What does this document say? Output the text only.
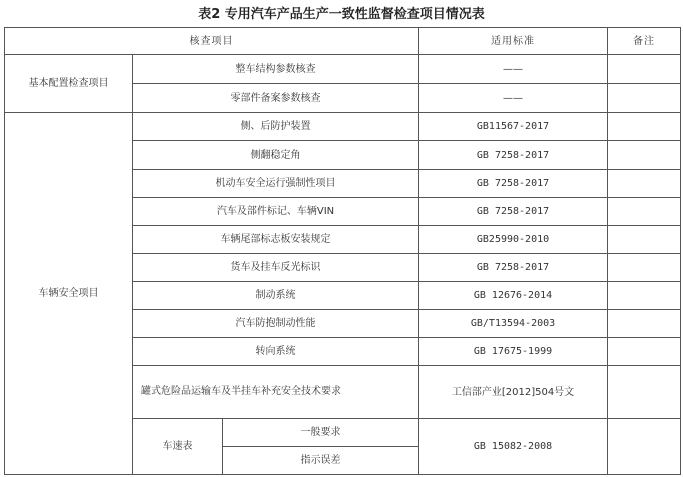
表2 专用汽车产品生产一致性监督检查项目情况表
核查项目			适用标准	备注
基本配置检查项目	整车结构参数核查		——	
	零部件备案参数核查		——	
车辆安全项目	侧、后防护装置		GB11567-2017	
	侧翻稳定角		GB 7258-2017	
	机动车安全运行强制性项目		GB 7258-2017	
	汽车及部件标记、车辆VIN		GB 7258-2017	
	车辆尾部标志板安装规定		GB25990-2010	
	货车及挂车反光标识		GB 7258-2017	
	制动系统		GB 12676-2014	
	汽车防抱制动性能		GB/T13594-2003	
	转向系统		GB 17675-1999	
	罐式危险品运输车及半挂车补充安全技术要求		工信部产业[2012]504号文	
	车速表	一般要求	GB 15082-2008	
		指示误差		
